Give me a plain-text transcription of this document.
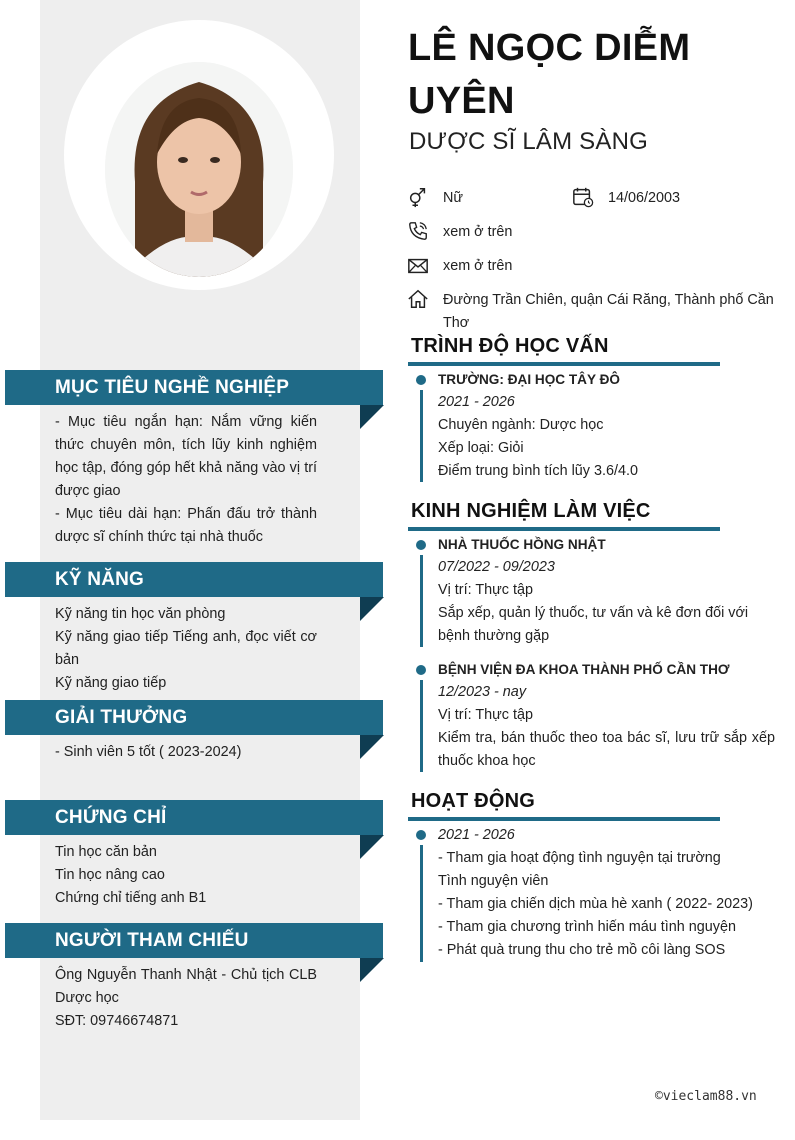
MỤC TIÊU NGHỀ NGHIỆP
- Mục tiêu ngắn hạn: Nắm vững kiến thức chuyên môn, tích lũy kinh nghiệm học tập, đóng góp hết khả năng vào vị trí được giao
- Mục tiêu dài hạn: Phấn đấu trở thành dược sĩ chính thức tại nhà thuốc
KỸ NĂNG
Kỹ năng tin học văn phòng
Kỹ năng giao tiếp Tiếng anh, đọc viết cơ bản
Kỹ năng giao tiếp
GIẢI THƯỞNG
- Sinh viên 5 tốt ( 2023-2024)
CHỨNG CHỈ
Tin học căn bản
Tin học nâng cao
Chứng chỉ tiếng anh B1
NGƯỜI THAM CHIẾU
Ông Nguyễn Thanh Nhật - Chủ tịch CLB Dược học
SĐT: 09746674871
LÊ NGỌC DIỄM UYÊN
DƯỢC SĨ LÂM SÀNG
Nữ	14/06/2003
xem ở trên
xem ở trên
Đường Trần Chiên, quận Cái Răng, Thành phố Cần Thơ
TRÌNH ĐỘ HỌC VẤN
TRƯỜNG: ĐẠI HỌC TÂY ĐÔ
2021 - 2026
Chuyên ngành: Dược học
Xếp loại: Giỏi
Điểm trung bình tích lũy 3.6/4.0
KINH NGHIỆM LÀM VIỆC
NHÀ THUỐC HỒNG NHẬT
07/2022 - 09/2023
Vị trí: Thực tập
Sắp xếp, quản lý thuốc, tư vấn và kê đơn đối với bệnh thường gặp
BỆNH VIỆN ĐA KHOA THÀNH PHỐ CẦN THƠ
12/2023 - nay
Vị trí: Thực tập
Kiểm tra, bán thuốc theo toa bác sĩ, lưu trữ sắp xếp thuốc khoa học
HOẠT ĐỘNG
2021 - 2026
- Tham gia hoạt động tình nguyện tại trường
Tình nguyện viên
- Tham gia chiến dịch mùa hè xanh ( 2022- 2023)
- Tham gia chương trình hiến máu tình nguyện
- Phát quà trung thu cho trẻ mồ côi làng SOS
©vieclam88.vn
